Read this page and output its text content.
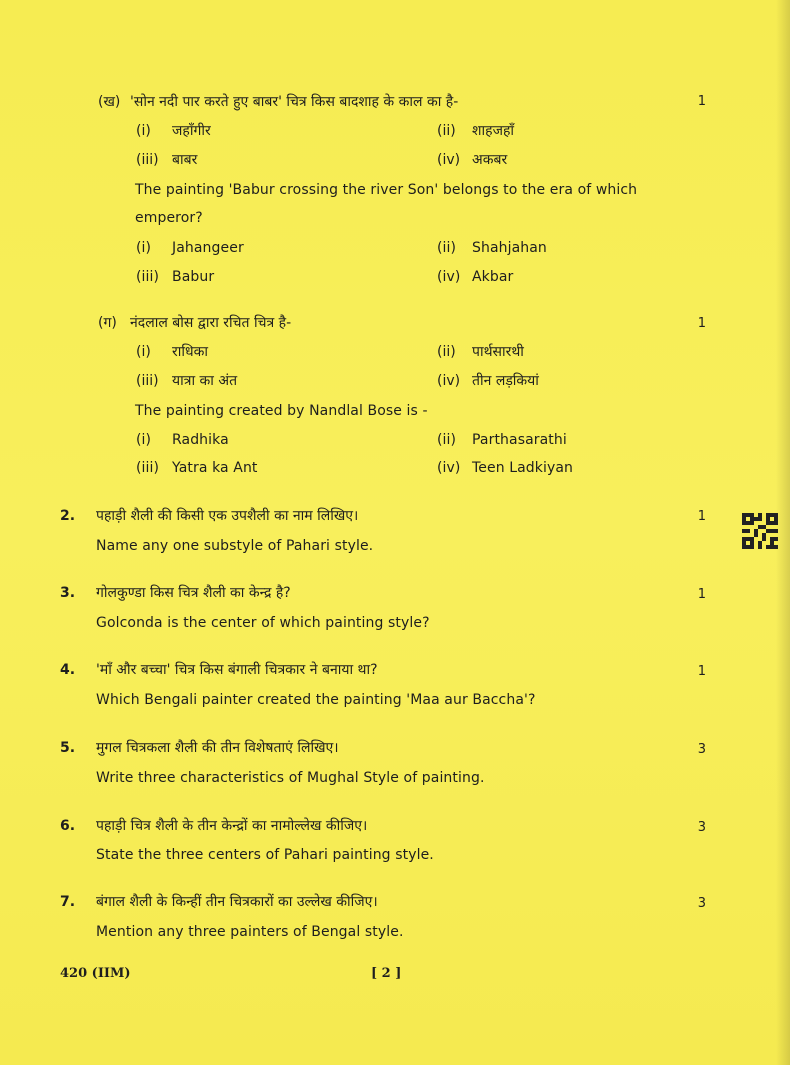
(ख) 'सोन नदी पार करते हुए बाबर' चित्र किस बादशाह के काल का है-	1
(i) जहाँगीर	(ii) शाहजहाँ
(iii) बाबर	(iv) अकबर
The painting 'Babur crossing the river Son' belongs to the era of which
emperor?
(i) Jahangeer	(ii) Shahjahan
(iii) Babur	(iv) Akbar
(ग) नंदलाल बोस द्वारा रचित चित्र है-	1
(i) राधिका	(ii) पार्थसारथी
(iii) यात्रा का अंत	(iv) तीन लड़कियां
The painting created by Nandlal Bose is -
(i) Radhika	(ii) Parthasarathi
(iii) Yatra ka Ant	(iv) Teen Ladkiyan
2. पहाड़ी शैली की किसी एक उपशैली का नाम लिखिए।	1
Name any one substyle of Pahari style.
3. गोलकुण्डा किस चित्र शैली का केन्द्र है?	1
Golconda is the center of which painting style?
4. 'माँ और बच्चा' चित्र किस बंगाली चित्रकार ने बनाया था?	1
Which Bengali painter created the painting 'Maa aur Baccha'?
5. मुगल चित्रकला शैली की तीन विशेषताएं लिखिए।	3
Write three characteristics of Mughal Style of painting.
6. पहाड़ी चित्र शैली के तीन केन्द्रों का नामोल्लेख कीजिए।	3
State the three centers of Pahari painting style.
7. बंगाल शैली के किन्हीं तीन चित्रकारों का उल्लेख कीजिए।	3
Mention any three painters of Bengal style.
420 (IIM)	[ 2 ]
